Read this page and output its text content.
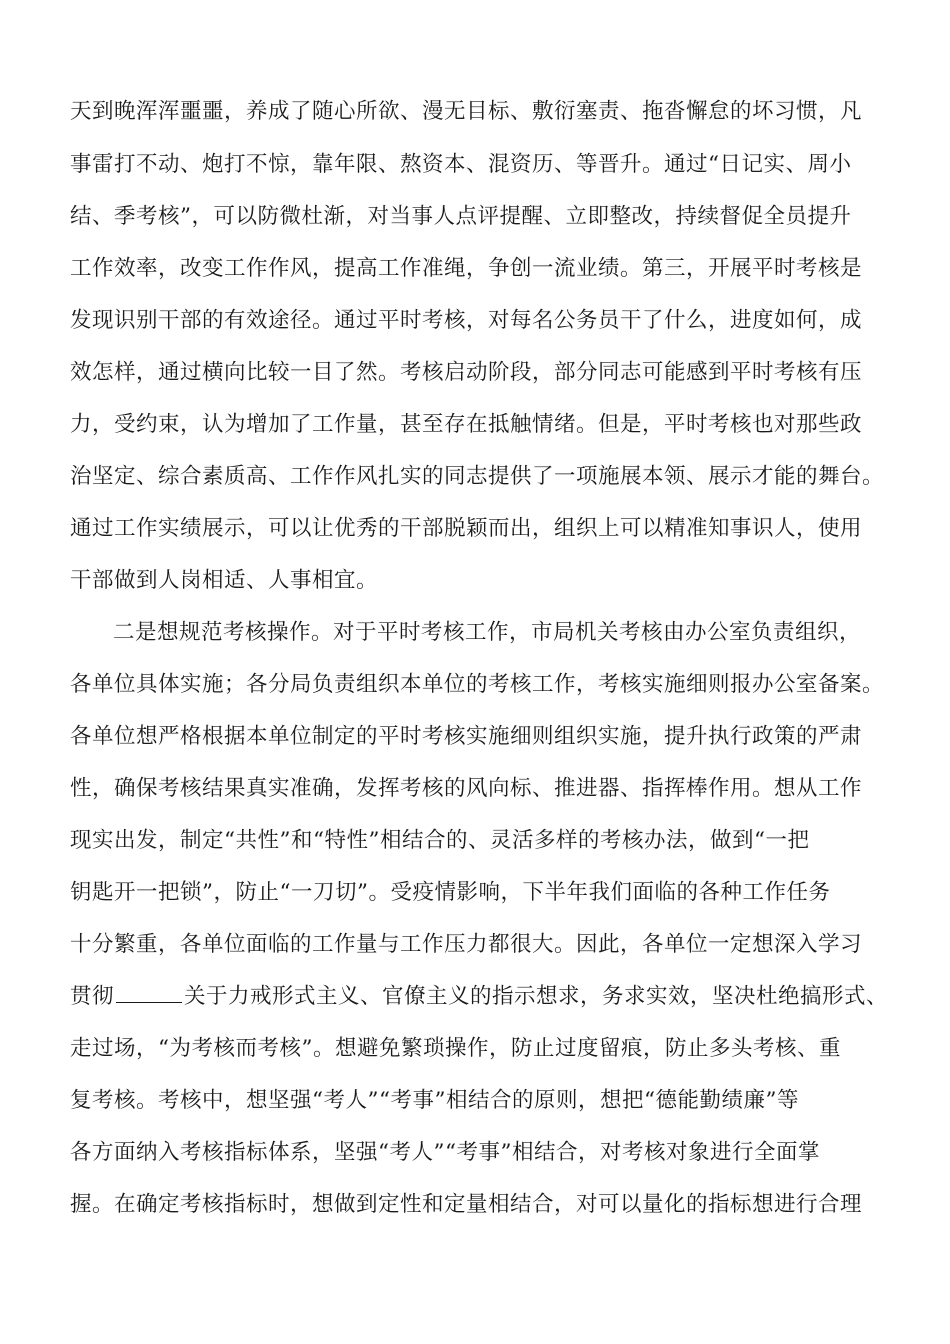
天到晚浑浑噩噩，养成了随心所欲、漫无目标、敷衍塞责、拖沓懈怠的坏习惯，凡
事雷打不动、炮打不惊，靠年限、熬资本、混资历、等晋升。通过“日记实、周小
结、季考核”，可以防微杜渐，对当事人点评提醒、立即整改，持续督促全员提升
工作效率，改变工作作风，提高工作准绳，争创一流业绩。第三，开展平时考核是
发现识别干部的有效途径。通过平时考核，对每名公务员干了什么，进度如何，成
效怎样，通过横向比较一目了然。考核启动阶段，部分同志可能感到平时考核有压
力，受约束，认为增加了工作量，甚至存在抵触情绪。但是，平时考核也对那些政
治坚定、综合素质高、工作作风扎实的同志提供了一项施展本领、展示才能的舞台。
通过工作实绩展示，可以让优秀的干部脱颖而出，组织上可以精准知事识人，使用
干部做到人岗相适、人事相宜。
二是想规范考核操作。对于平时考核工作，市局机关考核由办公室负责组织，
各单位具体实施；各分局负责组织本单位的考核工作，考核实施细则报办公室备案。
各单位想严格根据本单位制定的平时考核实施细则组织实施，提升执行政策的严肃
性，确保考核结果真实准确，发挥考核的风向标、推进器、指挥棒作用。想从工作
现实出发，制定“共性”和“特性”相结合的、灵活多样的考核办法，做到“一把
钥匙开一把锁”，防止“一刀切”。受疫情影响，下半年我们面临的各种工作任务
十分繁重，各单位面临的工作量与工作压力都很大。因此，各单位一定想深入学习
贯彻	关于力戒形式主义、官僚主义的指示想求，务求实效，坚决杜绝搞形式、
走过场，“为考核而考核”。想避免繁琐操作，防止过度留痕，防止多头考核、重
复考核。考核中，想坚强“考人”“考事”相结合的原则，想把“德能勤绩廉”等
各方面纳入考核指标体系，坚强“考人”“考事”相结合，对考核对象进行全面掌
握。在确定考核指标时，想做到定性和定量相结合，对可以量化的指标想进行合理
